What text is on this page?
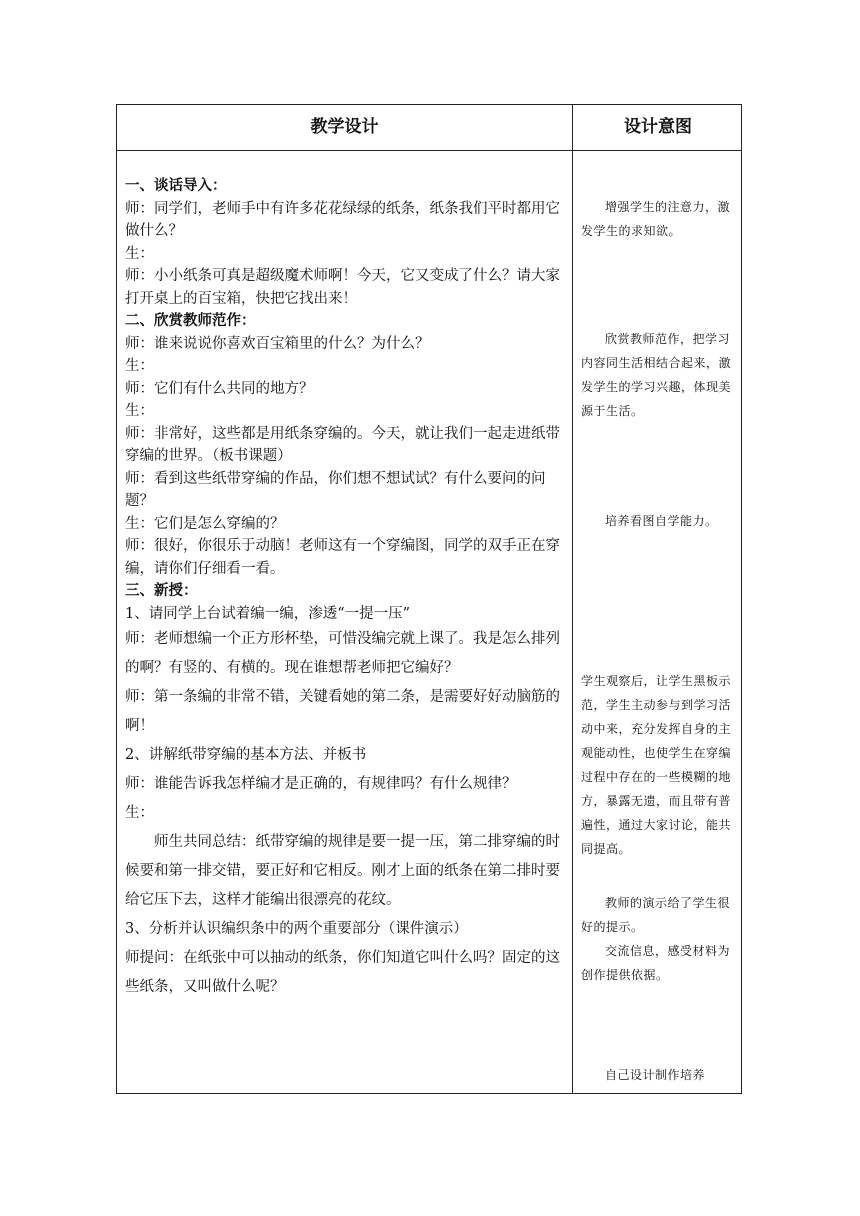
教学设计	设计意图

一、谈话导入：

师：同学们，老师手中有许多花花绿绿的纸条，纸条我们平时都用它做什么？

生：

师：小小纸条可真是超级魔术师啊！今天，它又变成了什么？请大家打开桌上的百宝箱，快把它找出来！

二、欣赏教师范作：

师：谁来说说你喜欢百宝箱里的什么？为什么？

生：

师：它们有什么共同的地方？

生：

师：非常好，这些都是用纸条穿编的。今天，就让我们一起走进纸带穿编的世界。（板书课题）

师：看到这些纸带穿编的作品，你们想不想试试？有什么要问的问题？

生：它们是怎么穿编的？

师：很好，你很乐于动脑！老师这有一个穿编图，同学的双手正在穿编，请你们仔细看一看。

三、新授：

1、请同学上台试着编一编，渗透“一提一压”

师：老师想编一个正方形杯垫，可惜没编完就上课了。我是怎么排列的啊？有竖的、有横的。现在谁想帮老师把它编好？

师：第一条编的非常不错，关键看她的第二条，是需要好好动脑筋的啊！

2、讲解纸带穿编的基本方法、并板书

师：谁能告诉我怎样编才是正确的，有规律吗？有什么规律？

生：

师生共同总结：纸带穿编的规律是要一提一压，第二排穿编的时候要和第一排交错，要正好和它相反。刚才上面的纸条在第二排时要给它压下去，这样才能编出很漂亮的花纹。

3、分析并认识编织条中的两个重要部分（课件演示）

师提问：在纸张中可以抽动的纸条，你们知道它叫什么吗？固定的这些纸条，又叫做什么呢？

增强学生的注意力，激发学生的求知欲。

欣赏教师范作，把学习内容同生活相结合起来，激发学生的学习兴趣，体现美源于生活。

培养看图自学能力。

学生观察后，让学生黑板示范，学生主动参与到学习活动中来，充分发挥自身的主观能动性，也使学生在穿编过程中存在的一些模糊的地方，暴露无遗，而且带有普遍性，通过大家讨论，能共同提高。

教师的演示给了学生很好的提示。

交流信息，感受材料为创作提供依据。

自己设计制作培养
